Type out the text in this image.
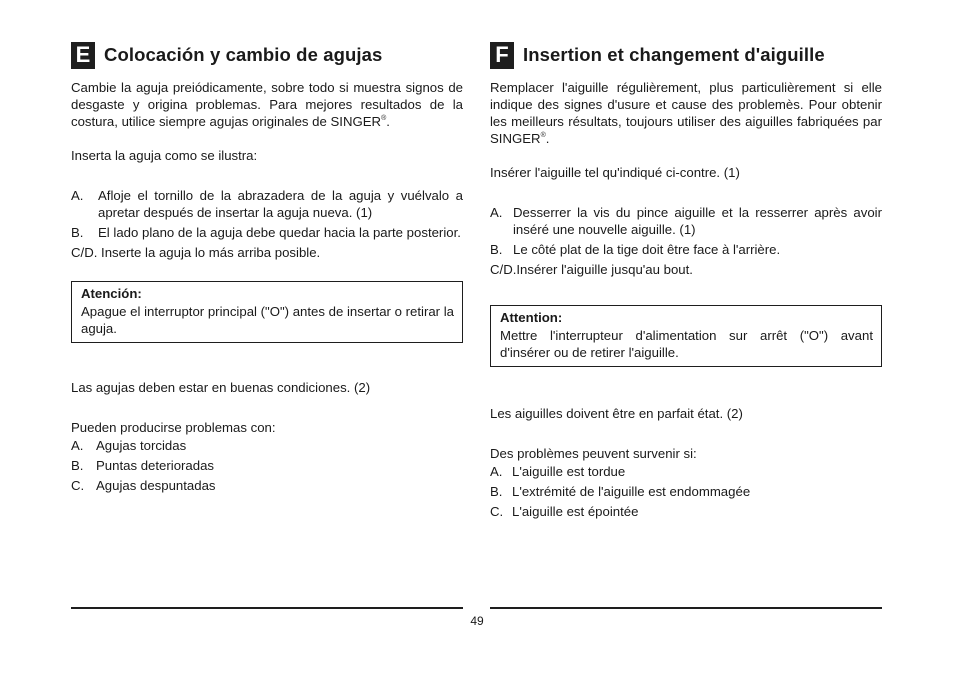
E Colocación y cambio de agujas

Cambie la aguja preiódicamente, sobre todo si muestra signos de desgaste y origina problemas. Para mejores resultados de la costura, utilice siempre agujas originales de SINGER®.

Inserta la aguja como se ilustra:

A.	Afloje el tornillo de la abrazadera de la aguja y vuélvalo a apretar después de insertar la aguja nueva. (1)
B.	El lado plano de la aguja debe quedar hacia la parte posterior.

C/D. Inserte la aguja lo más arriba posible.

Atención:
Apague el interruptor principal ("O") antes de insertar o retirar la aguja.

Las agujas deben estar en buenas condiciones. (2)

Pueden producirse problemas con:

A. Agujas torcidas
B. Puntas deterioradas
C. Agujas despuntadas
F Insertion et changement d'aiguille

Remplacer l'aiguille régulièrement, plus particulièrement si elle indique des signes d'usure et cause des problemès. Pour obtenir les meilleurs résultats, toujours utiliser des aiguilles fabriquées par SINGER®.

Insérer l'aiguille tel qu'indiqué ci-contre. (1)

A. Desserrer la vis du pince aiguille et la resserrer après avoir inséré une nouvelle aiguille. (1)
B. Le côté plat de la tige doit être face à l'arrière.

C/D.Insérer l'aiguille jusqu'au bout.

Attention:
Mettre l'interrupteur d'alimentation sur arrêt ("O") avant d'insérer ou de retirer l'aiguille.

Les aiguilles doivent être en parfait état. (2)

Des problèmes peuvent survenir si:

A. L'aiguille est tordue
B. L'extrémité de l'aiguille est endommagée
C. L'aiguille est épointée
49
